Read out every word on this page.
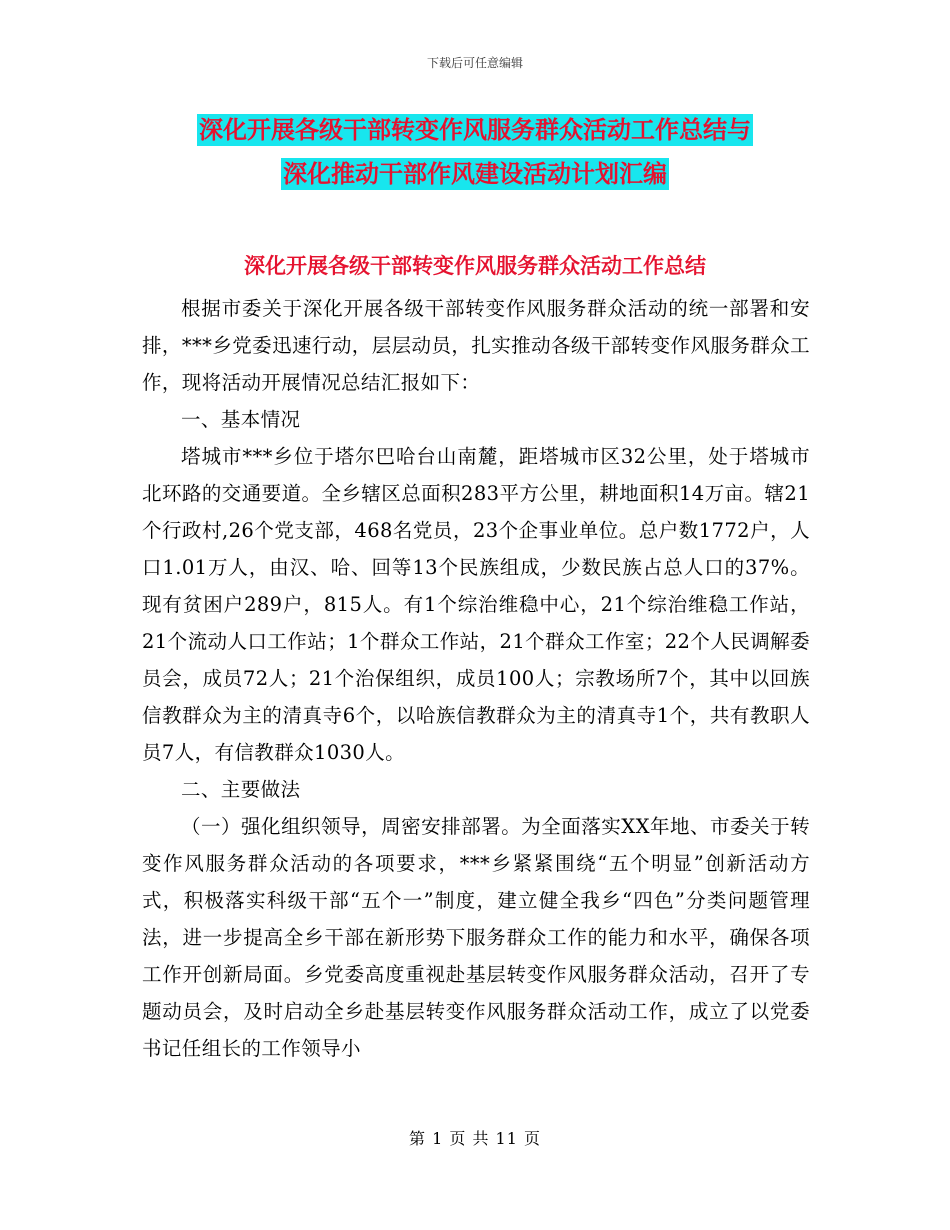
下载后可任意编辑
深化开展各级干部转变作风服务群众活动工作总结与
深化推动干部作风建设活动计划汇编
深化开展各级干部转变作风服务群众活动工作总结

根据市委关于深化开展各级干部转变作风服务群众活动的统一部署和安排，***乡党委迅速行动，层层动员，扎实推动各级干部转变作风服务群众工作，现将活动开展情况总结汇报如下：

一、基本情况

塔城市***乡位于塔尔巴哈台山南麓，距塔城市区32公里，处于塔城市北环路的交通要道。全乡辖区总面积283平方公里，耕地面积14万亩。辖21个行政村,26个党支部，468名党员，23个企事业单位。总户数1772户，人口1.01万人，由汉、哈、回等13个民族组成，少数民族占总人口的37%。现有贫困户289户，815人。有1个综治维稳中心，21个综治维稳工作站，21个流动人口工作站；1个群众工作站，21个群众工作室；22个人民调解委员会，成员72人；21个治保组织，成员100人；宗教场所7个，其中以回族信教群众为主的清真寺6个，以哈族信教群众为主的清真寺1个，共有教职人员7人，有信教群众1030人。

二、主要做法

（一）强化组织领导，周密安排部署。为全面落实XX年地、市委关于转变作风服务群众活动的各项要求，***乡紧紧围绕“五个明显”创新活动方式，积极落实科级干部“五个一”制度，建立健全我乡“四色”分类问题管理法，进一步提高全乡干部在新形势下服务群众工作的能力和水平，确保各项工作开创新局面。乡党委高度重视赴基层转变作风服务群众活动，召开了专题动员会，及时启动全乡赴基层转变作风服务群众活动工作，成立了以党委书记任组长的工作领导小

第 1 页 共 11 页
